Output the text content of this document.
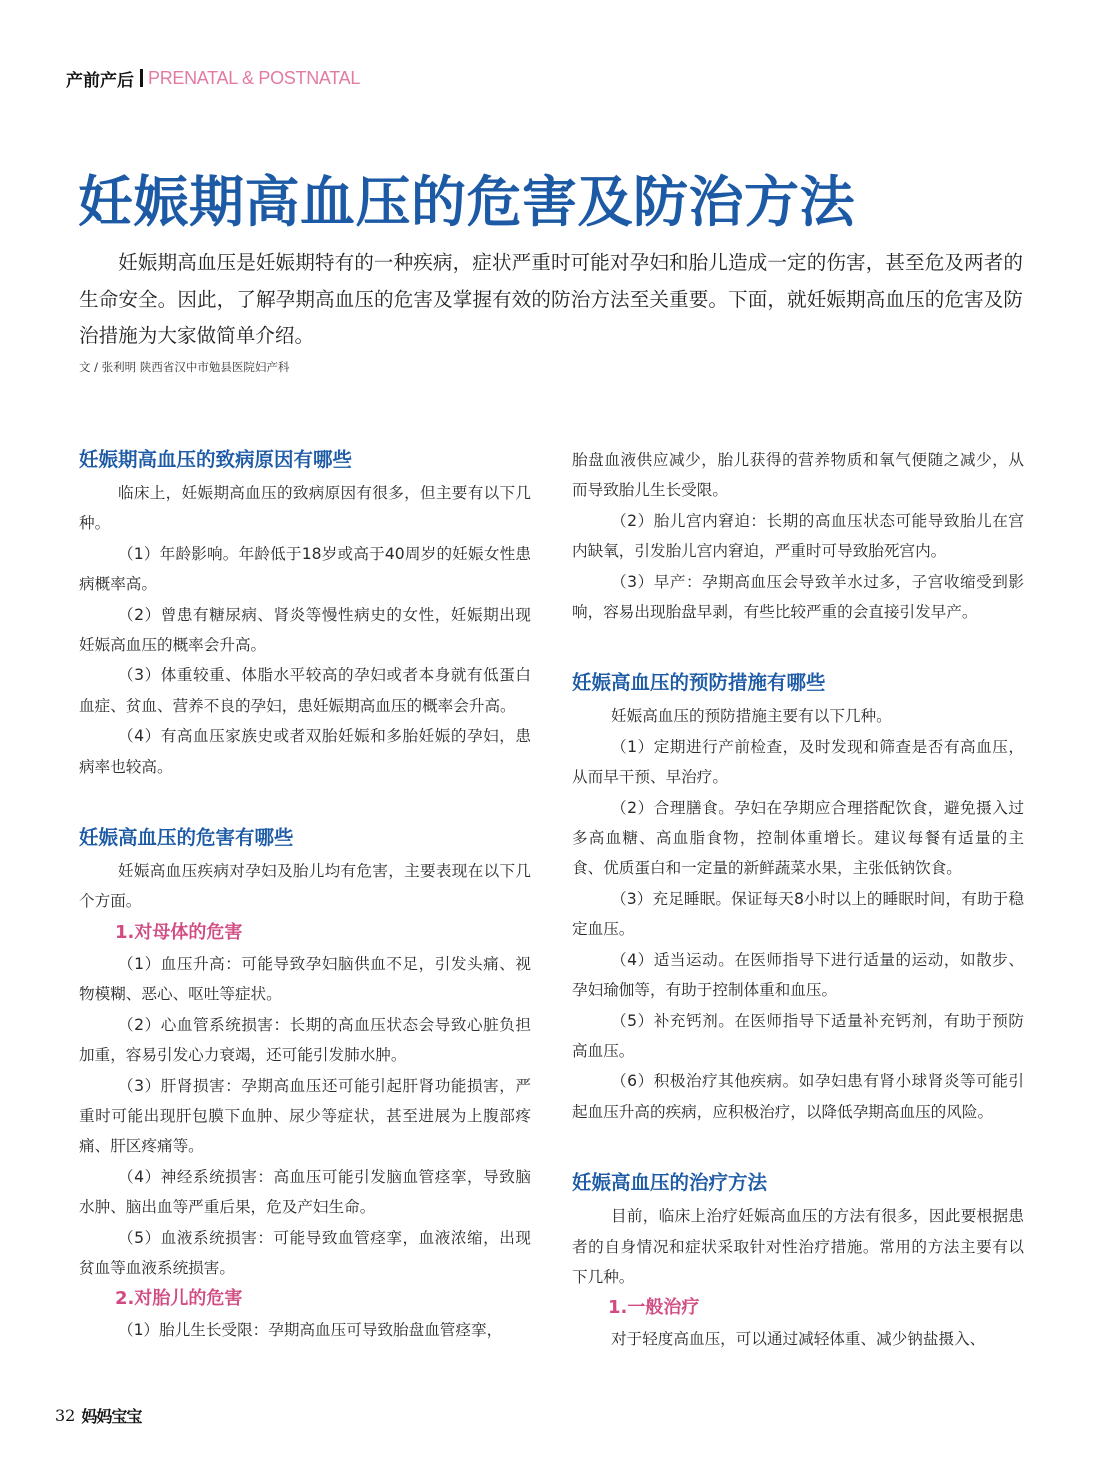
产前产后 PRENATAL & POSTNATAL
妊娠期高血压的危害及防治方法

妊娠期高血压是妊娠期特有的一种疾病，症状严重时可能对孕妇和胎儿造成一定的伤害，甚至危及两者的生命安全。因此，了解孕期高血压的危害及掌握有效的防治方法至关重要。下面，就妊娠期高血压的危害及防治措施为大家做简单介绍。

文 / 张利明 陕西省汉中市勉县医院妇产科

妊娠期高血压的致病原因有哪些

临床上，妊娠期高血压的致病原因有很多，但主要有以下几种。

（1）年龄影响。年龄低于18岁或高于40周岁的妊娠女性患病概率高。

（2）曾患有糖尿病、肾炎等慢性病史的女性，妊娠期出现妊娠高血压的概率会升高。

（3）体重较重、体脂水平较高的孕妇或者本身就有低蛋白血症、贫血、营养不良的孕妇，患妊娠期高血压的概率会升高。

（4）有高血压家族史或者双胎妊娠和多胎妊娠的孕妇，患病率也较高。

妊娠高血压的危害有哪些

妊娠高血压疾病对孕妇及胎儿均有危害，主要表现在以下几个方面。

1.对母体的危害

（1）血压升高：可能导致孕妇脑供血不足，引发头痛、视物模糊、恶心、呕吐等症状。

（2）心血管系统损害：长期的高血压状态会导致心脏负担加重，容易引发心力衰竭，还可能引发肺水肿。

（3）肝肾损害：孕期高血压还可能引起肝肾功能损害，严重时可能出现肝包膜下血肿、尿少等症状，甚至进展为上腹部疼痛、肝区疼痛等。

（4）神经系统损害：高血压可能引发脑血管痉挛，导致脑水肿、脑出血等严重后果，危及产妇生命。

（5）血液系统损害：可能导致血管痉挛，血液浓缩，出现贫血等血液系统损害。

2.对胎儿的危害

（1）胎儿生长受限：孕期高血压可导致胎盘血管痉挛，

胎盘血液供应减少，胎儿获得的营养物质和氧气便随之减少，从而导致胎儿生长受限。

（2）胎儿宫内窘迫：长期的高血压状态可能导致胎儿在宫内缺氧，引发胎儿宫内窘迫，严重时可导致胎死宫内。

（3）早产：孕期高血压会导致羊水过多，子宫收缩受到影响，容易出现胎盘早剥，有些比较严重的会直接引发早产。

妊娠高血压的预防措施有哪些

妊娠高血压的预防措施主要有以下几种。

（1）定期进行产前检查，及时发现和筛查是否有高血压，从而早干预、早治疗。

（2）合理膳食。孕妇在孕期应合理搭配饮食，避免摄入过多高血糖、高血脂食物，控制体重增长。建议每餐有适量的主食、优质蛋白和一定量的新鲜蔬菜水果，主张低钠饮食。

（3）充足睡眠。保证每天8小时以上的睡眠时间，有助于稳定血压。

（4）适当运动。在医师指导下进行适量的运动，如散步、孕妇瑜伽等，有助于控制体重和血压。

（5）补充钙剂。在医师指导下适量补充钙剂，有助于预防高血压。

（6）积极治疗其他疾病。如孕妇患有肾小球肾炎等可能引起血压升高的疾病，应积极治疗，以降低孕期高血压的风险。

妊娠高血压的治疗方法

目前，临床上治疗妊娠高血压的方法有很多，因此要根据患者的自身情况和症状采取针对性治疗措施。常用的方法主要有以下几种。

1.一般治疗

对于轻度高血压，可以通过减轻体重、减少钠盐摄入、

32 妈妈宝宝
